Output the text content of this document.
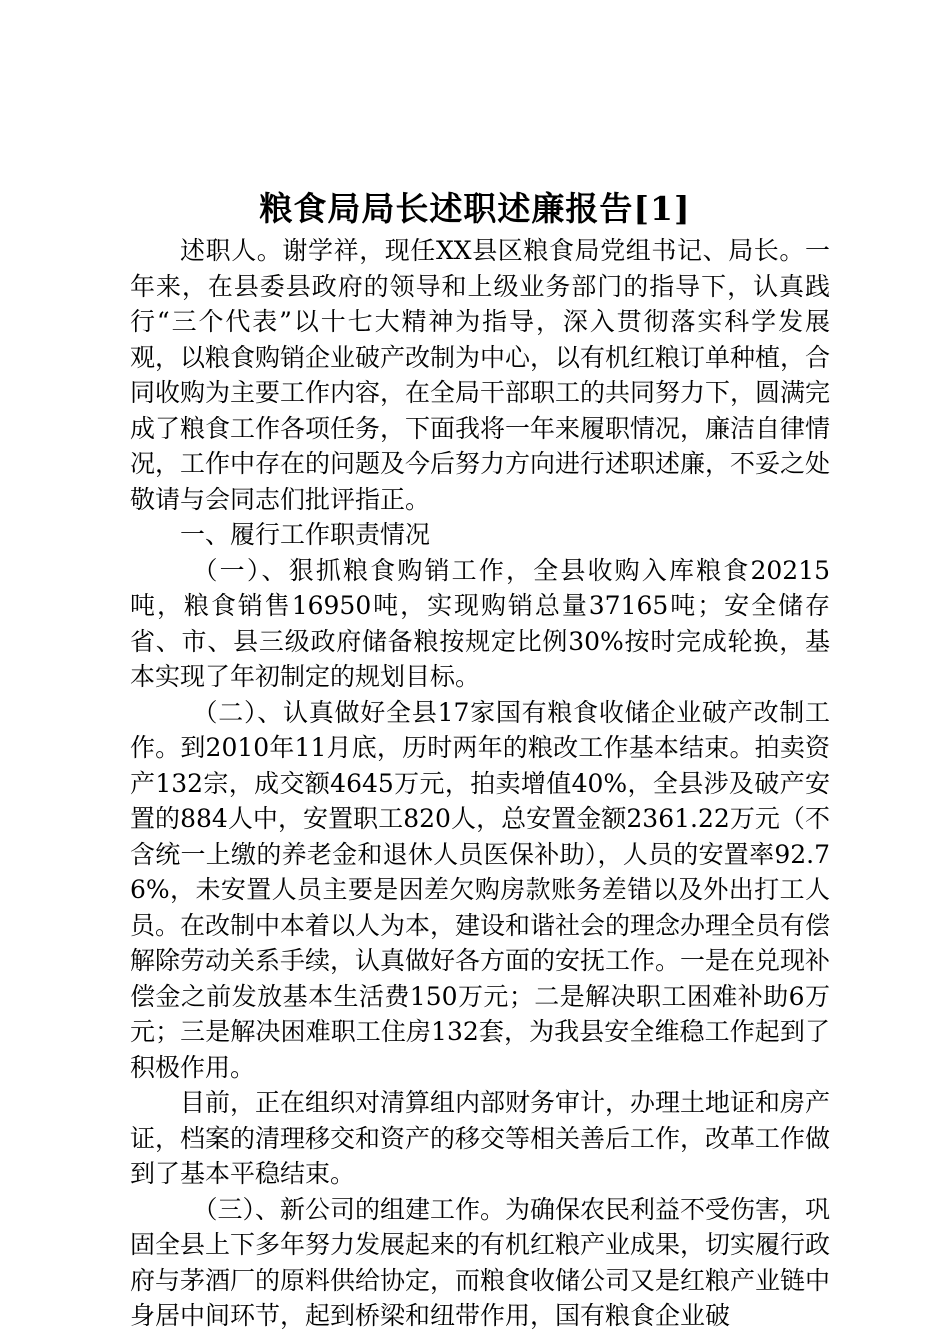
粮食局局长述职述廉报告[1]

述职人。谢学祥，现任XX县区粮食局党组书记、局长。一年来，在县委县政府的领导和上级业务部门的指导下，认真践行“三个代表”以十七大精神为指导，深入贯彻落实科学发展观，以粮食购销企业破产改制为中心，以有机红粮订单种植，合同收购为主要工作内容，在全局干部职工的共同努力下，圆满完成了粮食工作各项任务，下面我将一年来履职情况，廉洁自律情况，工作中存在的问题及今后努力方向进行述职述廉，不妥之处敬请与会同志们批评指正。

一、履行工作职责情况

（一）、狠抓粮食购销工作，全县收购入库粮食20215吨，粮食销售16950吨，实现购销总量37165吨；安全储存省、市、县三级政府储备粮按规定比例30%按时完成轮换，基本实现了年初制定的规划目标。

（二）、认真做好全县17家国有粮食收储企业破产改制工作。到2010年11月底，历时两年的粮改工作基本结束。拍卖资产132宗，成交额4645万元，拍卖增值40%，全县涉及破产安置的884人中，安置职工820人，总安置金额2361.22万元（不含统一上缴的养老金和退休人员医保补助），人员的安置率92.76%，未安置人员主要是因差欠购房款账务差错以及外出打工人员。在改制中本着以人为本，建设和谐社会的理念办理全员有偿解除劳动关系手续，认真做好各方面的安抚工作。一是在兑现补偿金之前发放基本生活费150万元；二是解决职工困难补助6万元；三是解决困难职工住房132套，为我县安全维稳工作起到了积极作用。

目前，正在组织对清算组内部财务审计，办理土地证和房产证，档案的清理移交和资产的移交等相关善后工作，改革工作做到了基本平稳结束。

（三）、新公司的组建工作。为确保农民利益不受伤害，巩固全县上下多年努力发展起来的有机红粮产业成果，切实履行政府与茅酒厂的原料供给协定，而粮食收储公司又是红粮产业链中身居中间环节，起到桥梁和纽带作用，国有粮食企业破
